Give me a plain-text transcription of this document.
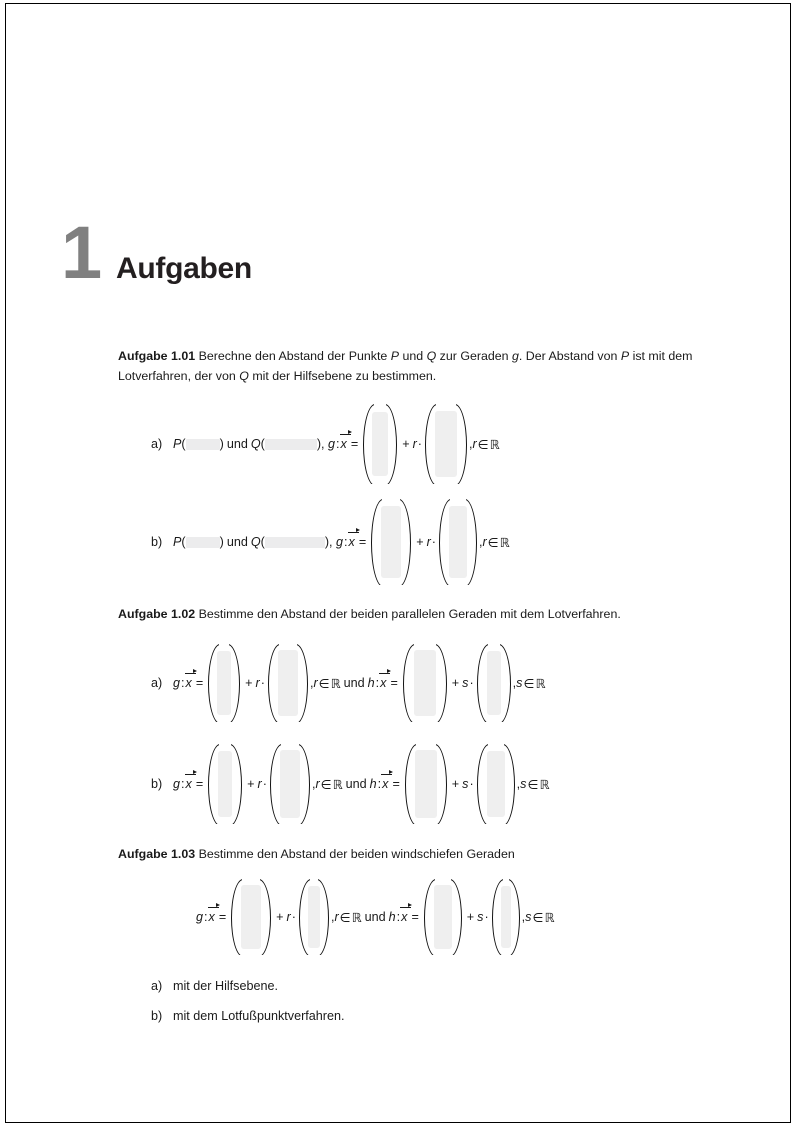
1 Aufgaben
Aufgabe 1.01 Berechne den Abstand der Punkte P und Q zur Geraden g. Der Abstand von P ist mit dem Lotverfahren, der von Q mit der Hilfsebene zu bestimmen.
a) P (	) und Q (	) , g : x =	+ r ·	, r ∈ ℝ
b) P (	) und Q (	) , g : x =	+ r ·	, r ∈ ℝ
Aufgabe 1.02 Bestimme den Abstand der beiden parallelen Geraden mit dem Lotverfahren.
a) g : x =	+ r ·	, r ∈ ℝ und h : x =	+ s ·	, s ∈ ℝ
b) g : x =	+ r ·	, r ∈ ℝ und h : x =	+ s ·	, s ∈ ℝ
Aufgabe 1.03 Bestimme den Abstand der beiden windschiefen Geraden
g : x =	+ r ·	, r ∈ ℝ und h : x =	+ s ·	, s ∈ ℝ
a) mit der Hilfsebene.
b) mit dem Lotfußpunktverfahren.
